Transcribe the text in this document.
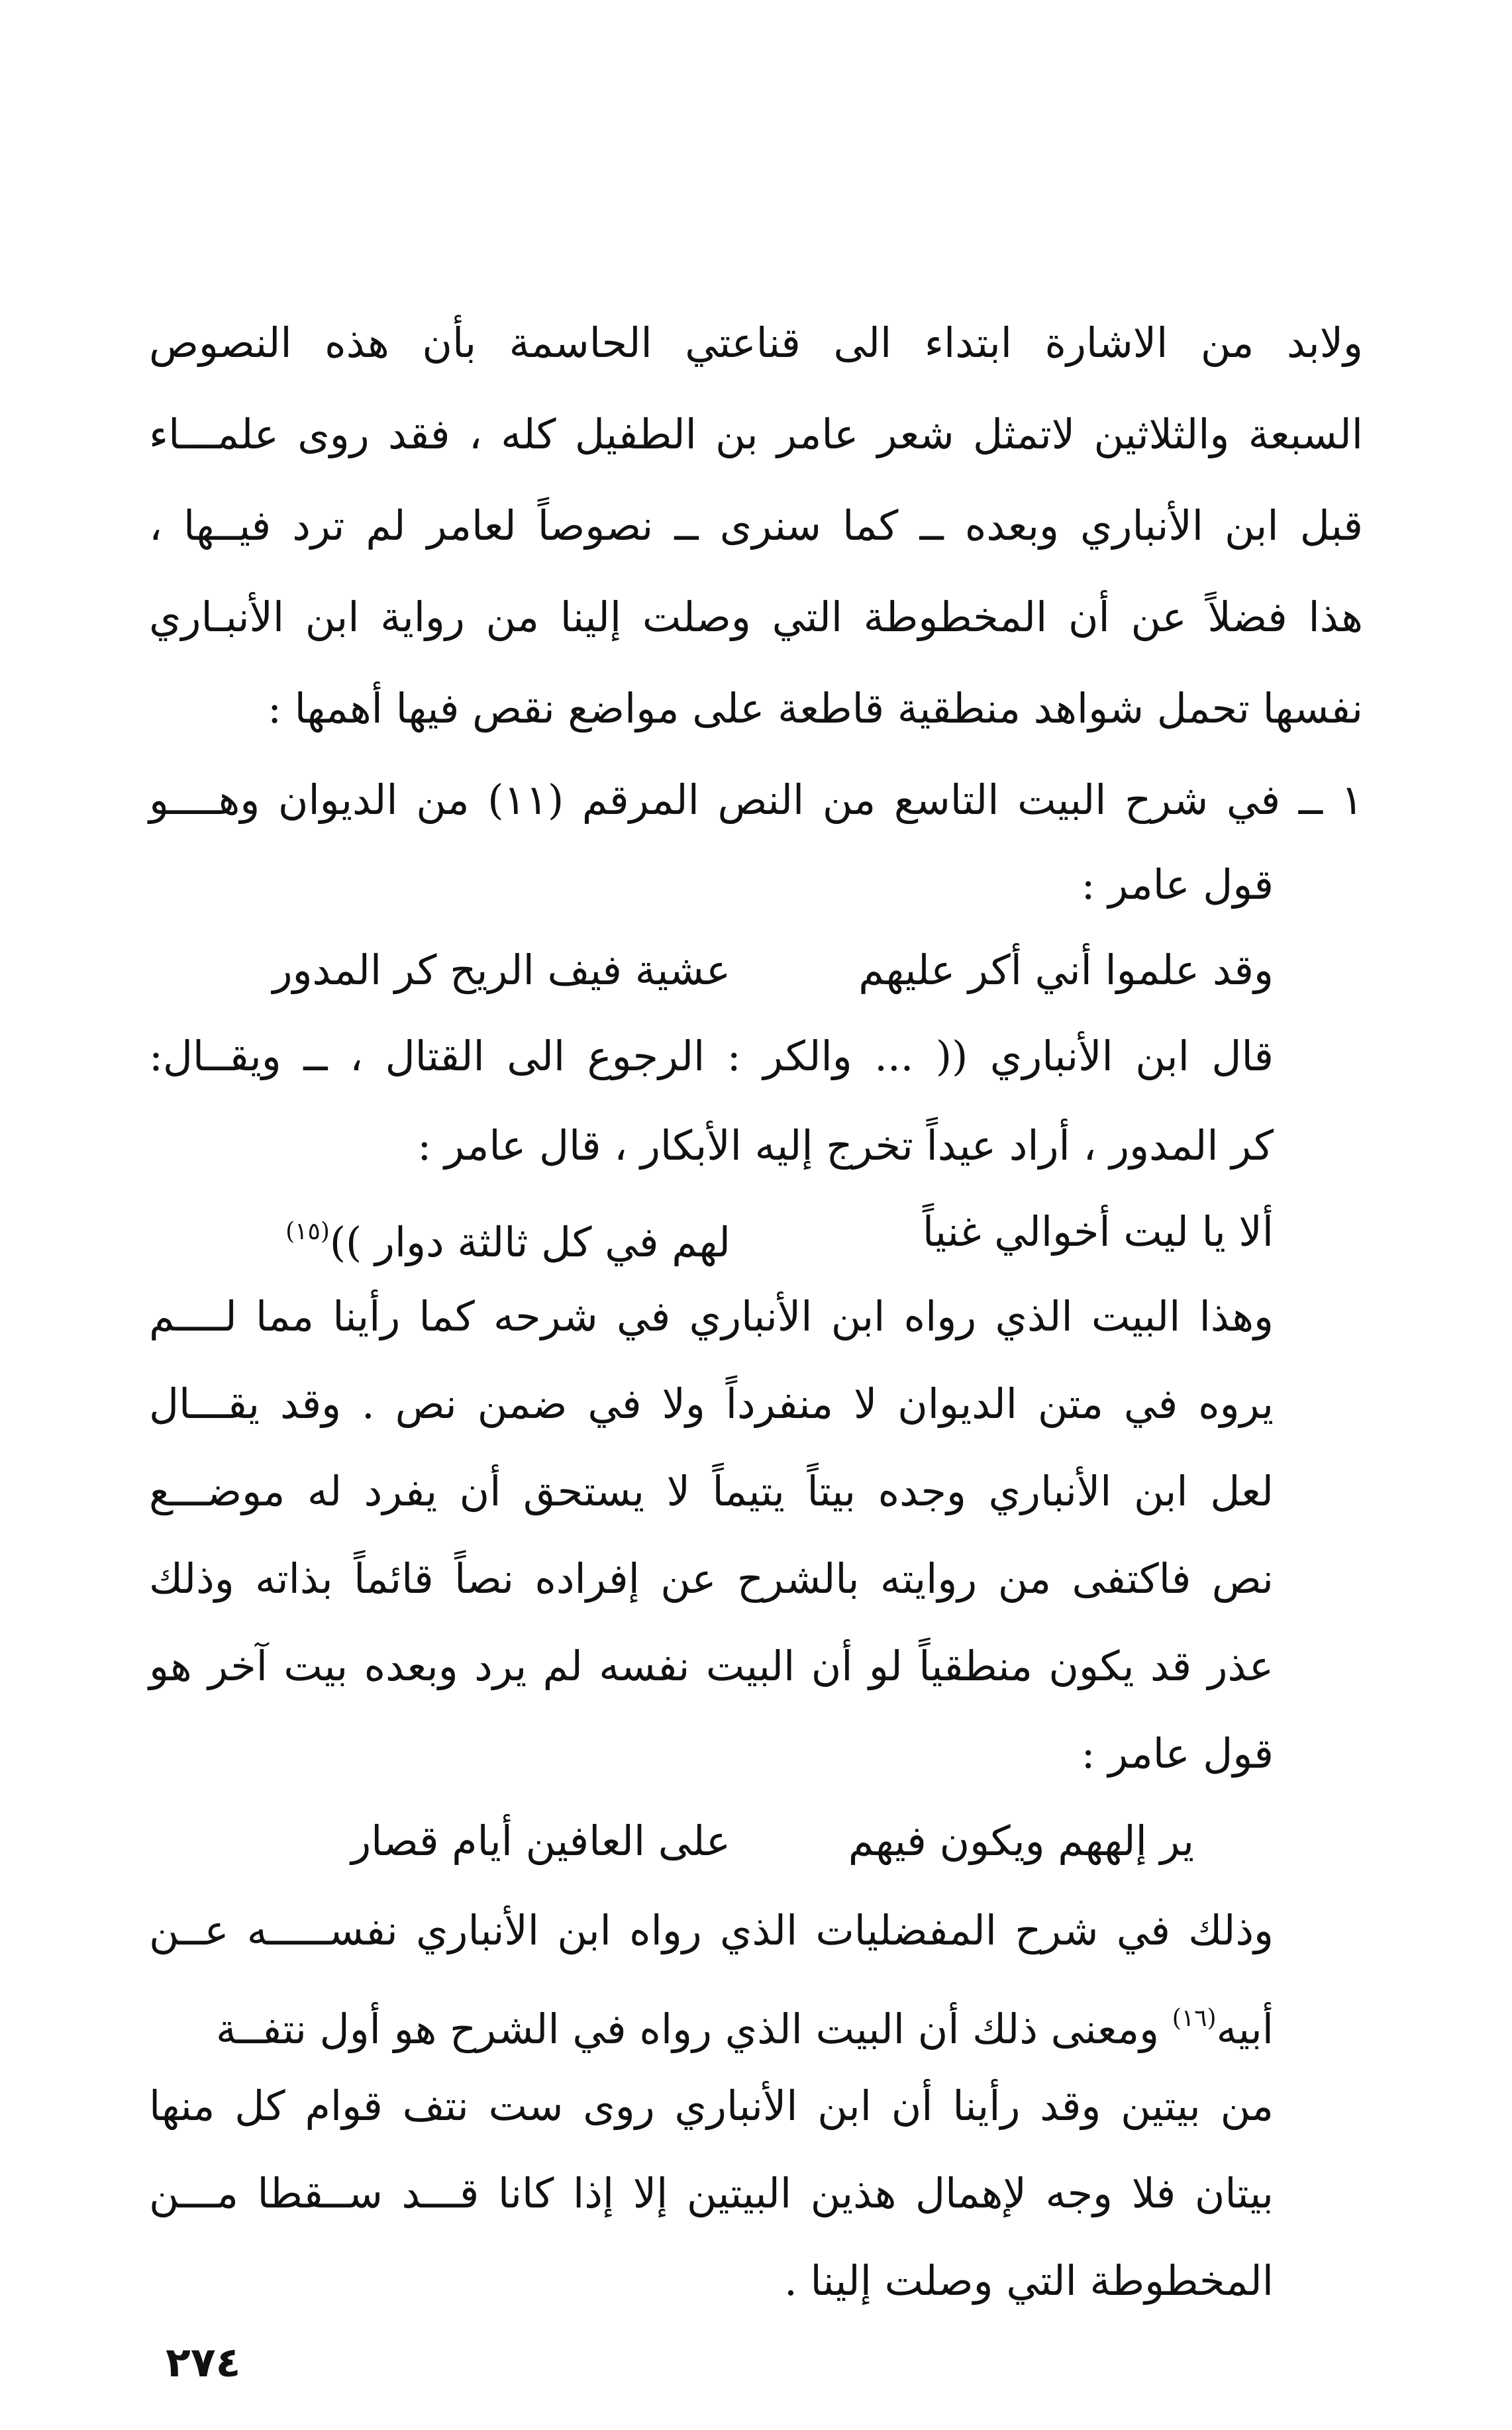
ولابد من الاشارة ابتداء الى قناعتي الحاسمة بأن هذه النصوص
السبعة والثلاثين لاتمثل شعر عامر بن الطفيل كله ، فقد روى علمـــاء
قبل ابن الأنباري وبعده ــ كما سنرى ــ نصوصاً لعامر لم ترد فيــها ،
هذا فضلاً عن أن المخطوطة التي وصلت إلينا من رواية ابن الأنبـاري
نفسها تحمل شواهد منطقية قاطعة على مواضع نقص فيها أهمها :
١ ــ في شرح البيت التاسع من النص المرقم (١١) من الديوان وهــــو
قول عامر :
وقد علموا أني أكر عليهم
عشية فيف الريح كر المدور
قال ابن الأنباري (( ... والكر : الرجوع الى القتال ، ــ ويقــال:
كر المدور ، أراد عيداً تخرج إليه الأبكار ، قال عامر :
ألا يا ليت أخوالي غنياً
لهم في كل ثالثة دوار ))$^{(١٥)}$
وهذا البيت الذي رواه ابن الأنباري في شرحه كما رأينا مما لــــم
يروه في متن الديوان لا منفرداً ولا في ضمن نص . وقد يقـــال
لعل ابن الأنباري وجده بيتاً يتيماً لا يستحق أن يفرد له موضـــع
نص فاكتفى من روايته بالشرح عن إفراده نصاً قائماً بذاته وذلك
عذر قد يكون منطقياً لو أن البيت نفسه لم يرد وبعده بيت آخر هو
قول عامر :
ير إلههم ويكون فيهم
على العافين أيام قصار
وذلك في شرح المفضليات الذي رواه ابن الأنباري نفســـــه عــن
أبيه$^{(١٦)}$ ومعنى ذلك أن البيت الذي رواه في الشرح هو أول نتفــة
من بيتين وقد رأينا أن ابن الأنباري روى ست نتف قوام كل منها
بيتان فلا وجه لإهمال هذين البيتين إلا إذا كانا قـــد ســقطا مـــن
المخطوطة التي وصلت إلينا .
٢٧٤
